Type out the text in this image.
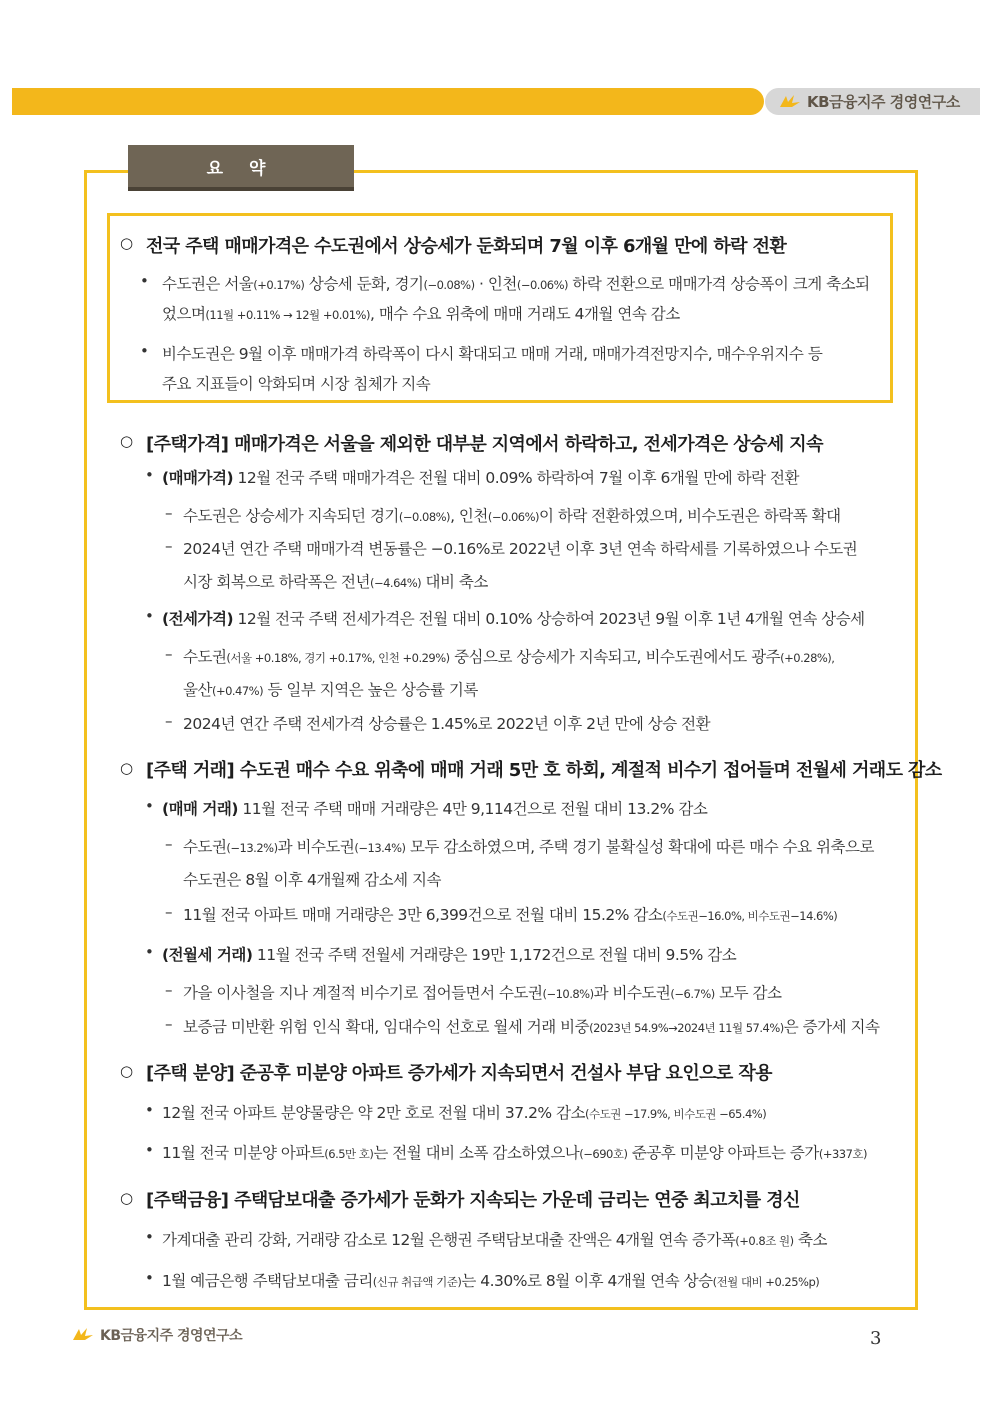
KB금융지주 경영연구소
요 약
○ 전국 주택 매매가격은 수도권에서 상승세가 둔화되며 7월 이후 6개월 만에 하락 전환
• 수도권은 서울(+0.17%) 상승세 둔화, 경기(−0.08%) · 인천(−0.06%) 하락 전환으로 매매가격 상승폭이 크게 축소되
었으며(11월 +0.11% → 12월 +0.01%), 매수 수요 위축에 매매 거래도 4개월 연속 감소
• 비수도권은 9월 이후 매매가격 하락폭이 다시 확대되고 매매 거래, 매매가격전망지수, 매수우위지수 등
주요 지표들이 악화되며 시장 침체가 지속
○ [주택가격] 매매가격은 서울을 제외한 대부분 지역에서 하락하고, 전세가격은 상승세 지속
• (매매가격) 12월 전국 주택 매매가격은 전월 대비 0.09% 하락하여 7월 이후 6개월 만에 하락 전환
– 수도권은 상승세가 지속되던 경기(−0.08%), 인천(−0.06%)이 하락 전환하였으며, 비수도권은 하락폭 확대
– 2024년 연간 주택 매매가격 변동률은 −0.16%로 2022년 이후 3년 연속 하락세를 기록하였으나 수도권
시장 회복으로 하락폭은 전년(−4.64%) 대비 축소
• (전세가격) 12월 전국 주택 전세가격은 전월 대비 0.10% 상승하여 2023년 9월 이후 1년 4개월 연속 상승세
– 수도권(서울 +0.18%, 경기 +0.17%, 인천 +0.29%) 중심으로 상승세가 지속되고, 비수도권에서도 광주(+0.28%),
울산(+0.47%) 등 일부 지역은 높은 상승률 기록
– 2024년 연간 주택 전세가격 상승률은 1.45%로 2022년 이후 2년 만에 상승 전환
○ [주택 거래] 수도권 매수 수요 위축에 매매 거래 5만 호 하회, 계절적 비수기 접어들며 전월세 거래도 감소
• (매매 거래) 11월 전국 주택 매매 거래량은 4만 9,114건으로 전월 대비 13.2% 감소
– 수도권(−13.2%)과 비수도권(−13.4%) 모두 감소하였으며, 주택 경기 불확실성 확대에 따른 매수 수요 위축으로
수도권은 8월 이후 4개월째 감소세 지속
– 11월 전국 아파트 매매 거래량은 3만 6,399건으로 전월 대비 15.2% 감소(수도권−16.0%, 비수도권−14.6%)
• (전월세 거래) 11월 전국 주택 전월세 거래량은 19만 1,172건으로 전월 대비 9.5% 감소
– 가을 이사철을 지나 계절적 비수기로 접어들면서 수도권(−10.8%)과 비수도권(−6.7%) 모두 감소
– 보증금 미반환 위험 인식 확대, 임대수익 선호로 월세 거래 비중(2023년 54.9%→2024년 11월 57.4%)은 증가세 지속
○ [주택 분양] 준공후 미분양 아파트 증가세가 지속되면서 건설사 부담 요인으로 작용
• 12월 전국 아파트 분양물량은 약 2만 호로 전월 대비 37.2% 감소(수도권 −17.9%, 비수도권 −65.4%)
• 11월 전국 미분양 아파트(6.5만 호)는 전월 대비 소폭 감소하였으나(−690호) 준공후 미분양 아파트는 증가(+337호)
○ [주택금융] 주택담보대출 증가세가 둔화가 지속되는 가운데 금리는 연중 최고치를 경신
• 가계대출 관리 강화, 거래량 감소로 12월 은행권 주택담보대출 잔액은 4개월 연속 증가폭(+0.8조 원) 축소
• 1월 예금은행 주택담보대출 금리(신규 취급액 기준)는 4.30%로 8월 이후 4개월 연속 상승(전월 대비 +0.25%p)
KB금융지주 경영연구소	3
